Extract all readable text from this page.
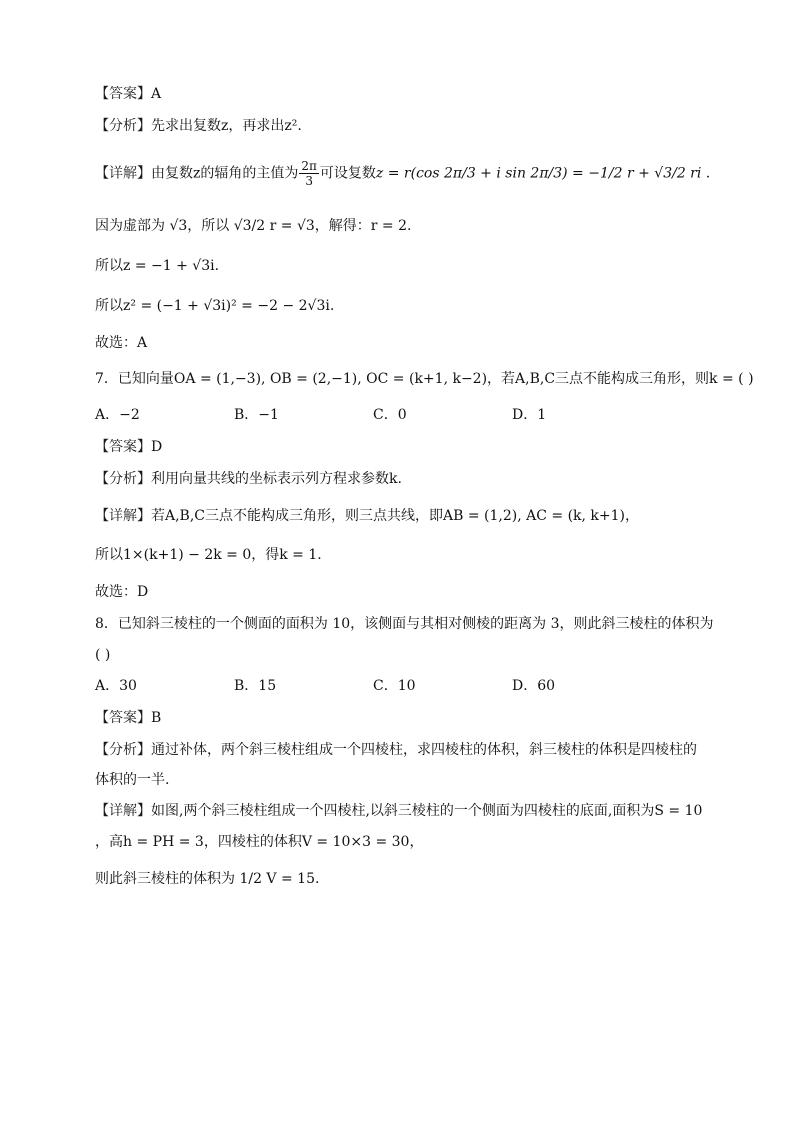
【答案】A
【分析】先求出复数z，再求出z².
【详解】由复数z的辐角的主值为 $\frac{2\pi}{3}$ 可设复数z = r(cos 2π/3 + i sin 2π/3) = −1/2 r + √3/2 ri .
因为虚部为 √3，所以 √3/2 r = √3，解得：r = 2.
所以z = −1 + √3i.
所以z² = (−1 + √3i)² = −2 − 2√3i.
故选：A
7．已知向量OA = (1,−3), OB = (2,−1), OC = (k+1, k−2)，若A,B,C三点不能构成三角形，则k = ( )
A．−2	B．−1	C．0	D．1
【答案】D
【分析】利用向量共线的坐标表示列方程求参数k.
【详解】若A,B,C三点不能构成三角形，则三点共线，即AB = (1,2), AC = (k, k+1)，
所以1×(k+1) − 2k = 0，得k = 1.
故选：D
8．已知斜三棱柱的一个侧面的面积为 10，该侧面与其相对侧棱的距离为 3，则此斜三棱柱的体积为
( )
A．30	B．15	C．10	D．60
【答案】B
【分析】通过补体，两个斜三棱柱组成一个四棱柱，求四棱柱的体积，斜三棱柱的体积是四棱柱的
体积的一半.
【详解】如图,两个斜三棱柱组成一个四棱柱,以斜三棱柱的一个侧面为四棱柱的底面,面积为S = 10
，高h = PH = 3，四棱柱的体积V = 10×3 = 30，
则此斜三棱柱的体积为 1/2 V = 15.
